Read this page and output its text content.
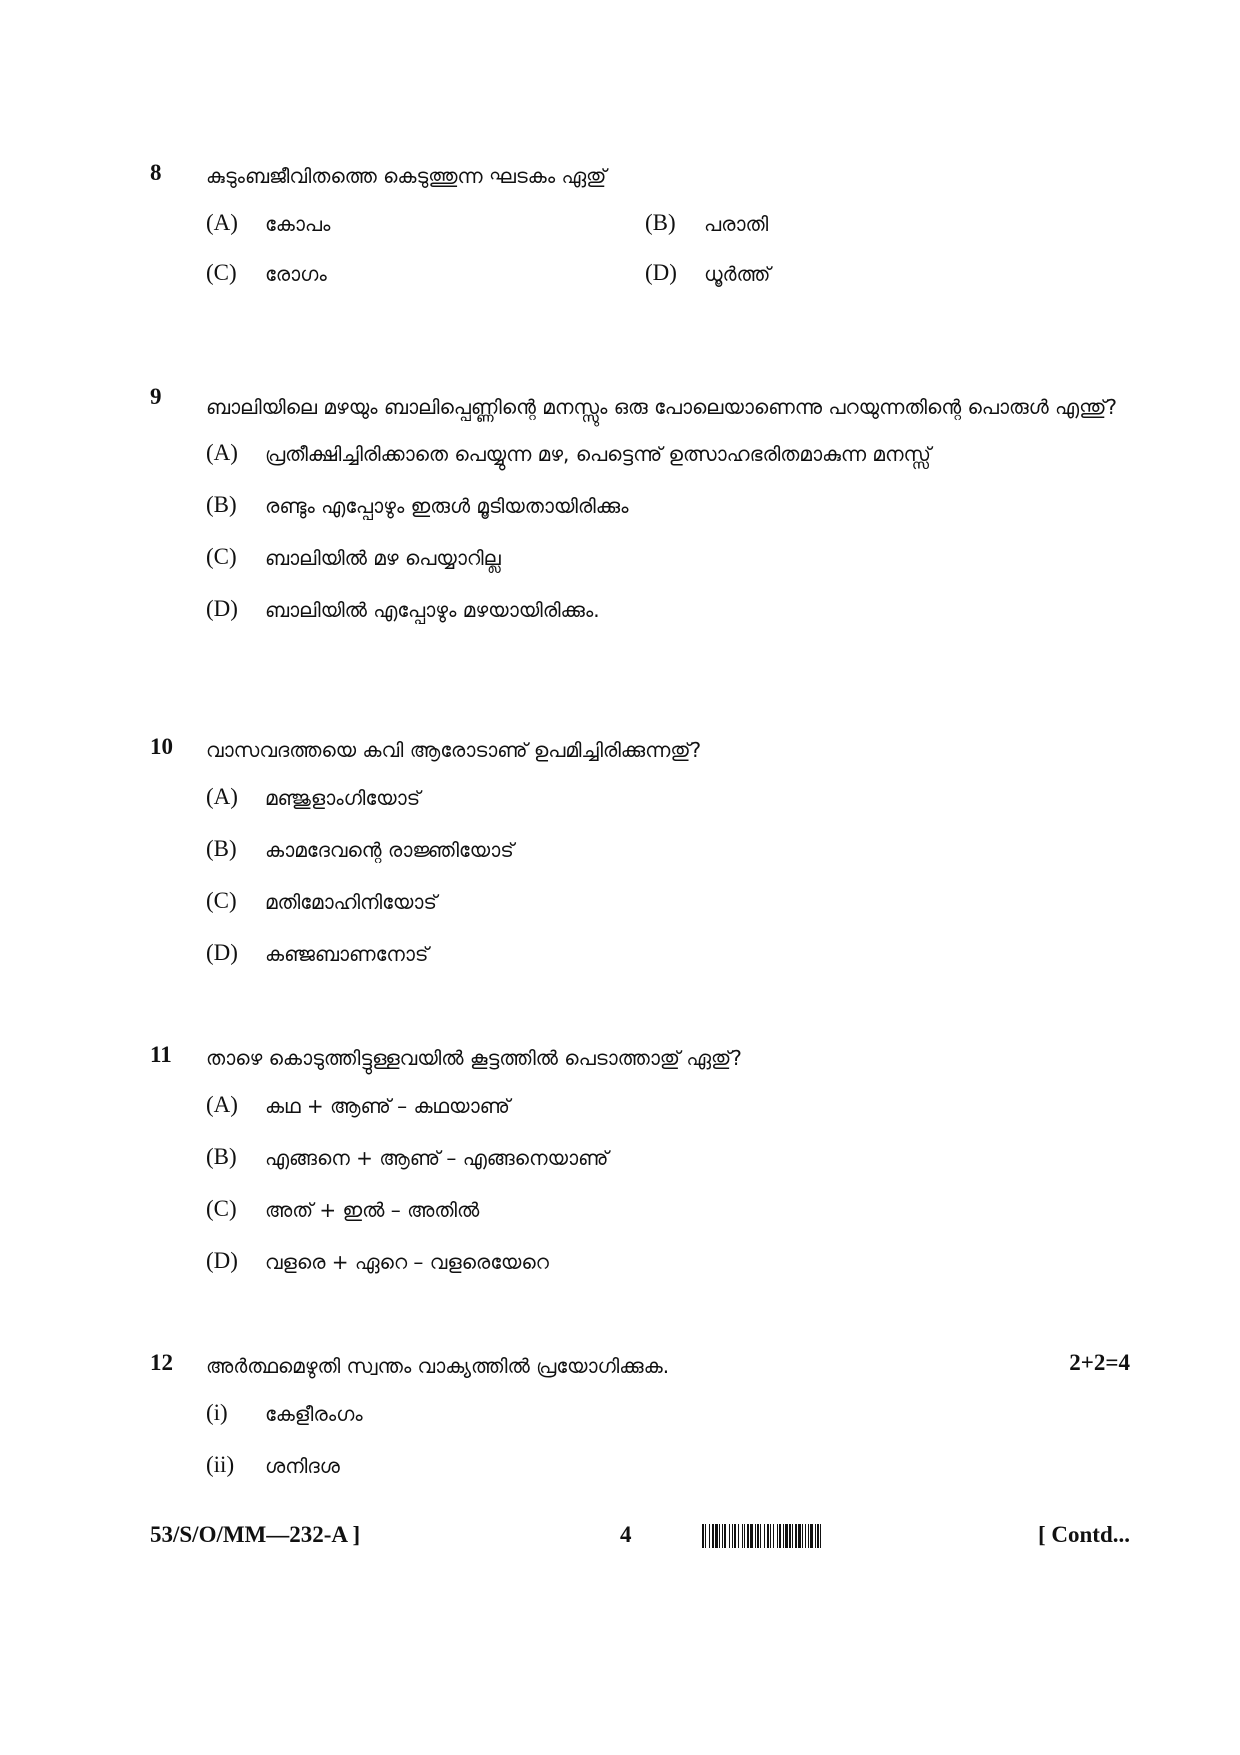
8	കുടുംബജീവിതത്തെ കെടുത്തുന്ന ഘടകം ഏതു്
(A) കോപം	(B) പരാതി
(C) രോഗം	(D) ധൂർത്ത്
9	ബാലിയിലെ മഴയും ബാലിപ്പെണ്ണിന്റെ മനസ്സും ഒരു പോലെയാണെന്നു പറയുന്നതിന്റെ പൊരുൾ എന്തു്?
(A) പ്രതീക്ഷിച്ചിരിക്കാതെ പെയ്യുന്ന മഴ, പെട്ടെന്നു് ഉത്സാഹഭരിതമാകുന്ന മനസ്സ്
(B) രണ്ടും എപ്പോഴും ഇരുൾ മൂടിയതായിരിക്കും
(C) ബാലിയിൽ മഴ പെയ്യാറില്ല
(D) ബാലിയിൽ എപ്പോഴും മഴയായിരിക്കും.
10	വാസവദത്തയെ കവി ആരോടാണു് ഉപമിച്ചിരിക്കുന്നതു്?
(A) മഞ്ജുളാംഗിയോട്
(B) കാമദേവന്റെ രാജ്ഞിയോട്
(C) മതിമോഹിനിയോട്
(D) കഞ്ജബാണനോട്
11	താഴെ കൊടുത്തിട്ടുള്ളവയിൽ കൂട്ടത്തിൽ പെടാത്താതു് ഏതു്?
(A) കഥ + ആണു് – കഥയാണു്
(B) എങ്ങനെ + ആണു് – എങ്ങനെയാണു്
(C) അത് + ഇൽ – അതിൽ
(D) വളരെ + ഏറെ – വളരെയേറെ
12	2+2=4
അർത്ഥമെഴുതി സ്വന്തം വാക്യത്തിൽ പ്രയോഗിക്കുക.
(i) കേളീരംഗം
(ii) ശനിദശ
53/S/O/MM—232-A ]	4	[ Contd...
